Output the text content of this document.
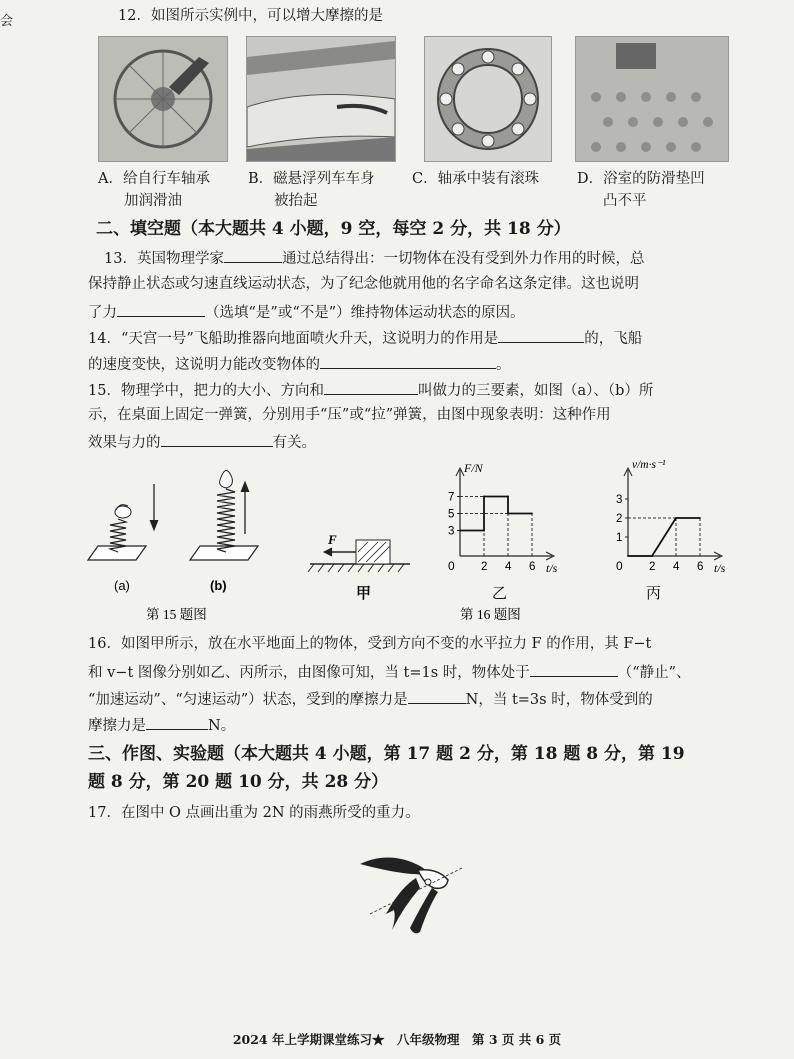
会	12．如图所示实例中，可以增大摩擦的是
A．给自行车轴承
加润滑油
B．磁悬浮列车车身
被抬起
C．轴承中装有滚珠	D．浴室的防滑垫凹
凸不平
二、填空题（本大题共 4 小题，9 空，每空 2 分，共 18 分）
13．英国物理学家	通过总结得出：一切物体在没有受到外力作用的时候，总
保持静止状态或匀速直线运动状态，为了纪念他就用他的名字命名这条定律。这也说明
了力	（选填“是”或“不是”）维持物体运动状态的原因。
14．“天宫一号”飞船助推器向地面喷火升天，这说明力的作用是	的，飞船
的速度变快，这说明力能改变物体的	。
15．物理学中，把力的大小、方向和	叫做力的三要素，如图（a）、（b）所
示，在桌面上固定一弹簧，分别用手“压”或“拉”弹簧，由图中现象表明：这种作用
效果与力的	有关。
(a)	(b)
第 15 题图
F
甲
F/N
t/s
0
7
5
3
2 4 6
乙
第 16 题图
v/m·s⁻¹
t/s
0
3
2
1
2 4 6
丙
16．如图甲所示，放在水平地面上的物体，受到方向不变的水平拉力 F 的作用，其 F−t
和 v−t 图像分别如乙、丙所示，由图像可知，当 t=1s 时，物体处于	（“静止”、
“加速运动”、“匀速运动”）状态，受到的摩擦力是	N，当 t=3s 时，物体受到的
摩擦力是	N。
三、作图、实验题（本大题共 4 小题，第 17 题 2 分，第 18 题 8 分，第 19
题 8 分，第 20 题 10 分，共 28 分）
17．在图中 O 点画出重为 2N 的雨燕所受的重力。
2024 年上学期课堂练习★　八年级物理　第 3 页 共 6 页
